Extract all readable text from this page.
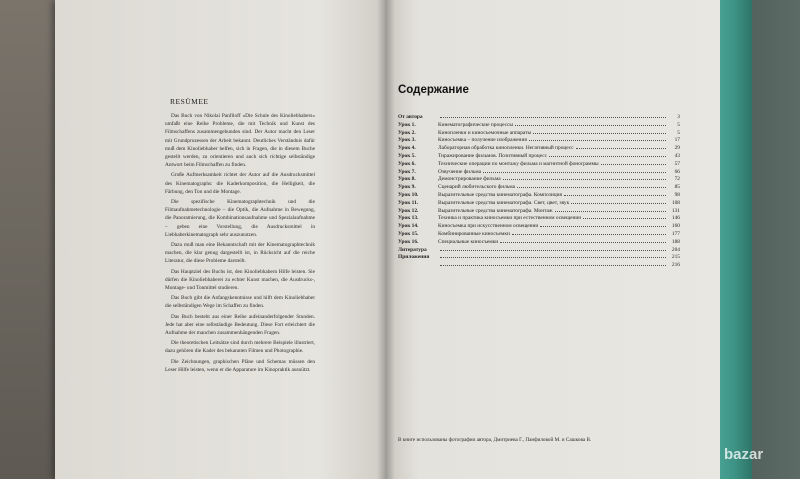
RESÜMEE

Das Buch von Nikolai Panfiloff «Die Schule des Kinoliebhabers» umfaßt eine Reihe Probleme, die mit Technik und Kunst des Filmschaffens zusammengebunden sind. Der Autor macht den Leser mit Grundprozessen der Arbeit bekannt. Deutliches Verständnis dafür muß dem Kinoliebhaber helfen, sich in Fragen, die in diesem Buche gestellt werden, zu orientieren und auch sich richtige selbständige Antwort beim Filmschaffen zu finden.

Große Aufmerksamkeit richtet der Autor auf die Ausdrucksmittel des Kinematographs: die Kaderkomposition, die Helligkeit, die Färbung, den Ton und die Montage.

Die spezifische Kinematographtechnik und die Filmaufnahmetechnologie – die Optik, die Aufnahme in Bewegung, die Panoramierung, die Kombinationsaufnahme und Spezialaufnahme – geben eine Vorstellung, die Ausdrucksmittel in Liebhaberkinematograph sehr auszunutzen.

Dazu muß man eine Bekanntschaft mit der Kinematographtechnik machen, die klar genug dargestellt ist, in Rücksicht auf die reiche Literatur, die diese Probleme darstellt.

Das Hauptziel des Buchs ist, den Kinoliebhabern Hilfe leisten. Sie dürfen die Kinoliebhaberei zu echter Kunst machen, die Ausdrucks-, Montage- und Tonmittel studieren.

Das Buch gibt die Anfangskenntnisse und hilft dem Kinoliebhaber die selbständigen Wege im Schaffen zu finden.

Das Buch besteht aus einer Reihe aufeinanderfolgender Stunden. Jede hat aber eine selbständige Bedeutung. Diese Fort erleichtert die Aufnahme der manchen zusammenhängenden Fragen.

Die theoretischen Leitsätze sind durch mehrere Beispiele illustriert, dazu gehören die Kader des bekannten Filmen und Photographie.

Die Zeichnungen, graphischen Pläne und Schemas müssen den Leser Hilfe leisten, wenn er die Apparature im Kinopraktik ausnützt.

Содержание
От автора	3
Урок 1.	Кинематографические процессы	5
Урок 2.	Кинопленки и киносъемочные аппараты	5
Урок 3.	Киносъемка – получение изображения	17
Урок 4.	Лабораторная обработка кинопленки. Негативный процесс	29
Урок 5.	Тиражирование фильмов. Позитивный процесс	43
Урок 6.	Технические операции по монтажу фильма и магнитной фонограммы	57
Урок 7.	Озвучение фильма	66
Урок 8.	Демонстрирование фильма	72
Урок 9.	Сценарий любительского фильма	85
Урок 10.	Выразительные средства кинематографа. Композиция	98
Урок 11.	Выразительные средства кинематографа. Свет, цвет, звук	108
Урок 12.	Выразительные средства кинематографа. Монтаж	131
Урок 13.	Техника и практика киносъемки при естественном освещении	146
Урок 14.	Киносъемка при искусственном освещении	160
Урок 15.	Комбинированные киносъемки	177
Урок 16.	Специальные киносъемки	188
Литература	204
Приложения	215
216
В книге использованы фотографии автора, Дмитриева Г., Панфиловой М. и Сашкова В.
bazar
